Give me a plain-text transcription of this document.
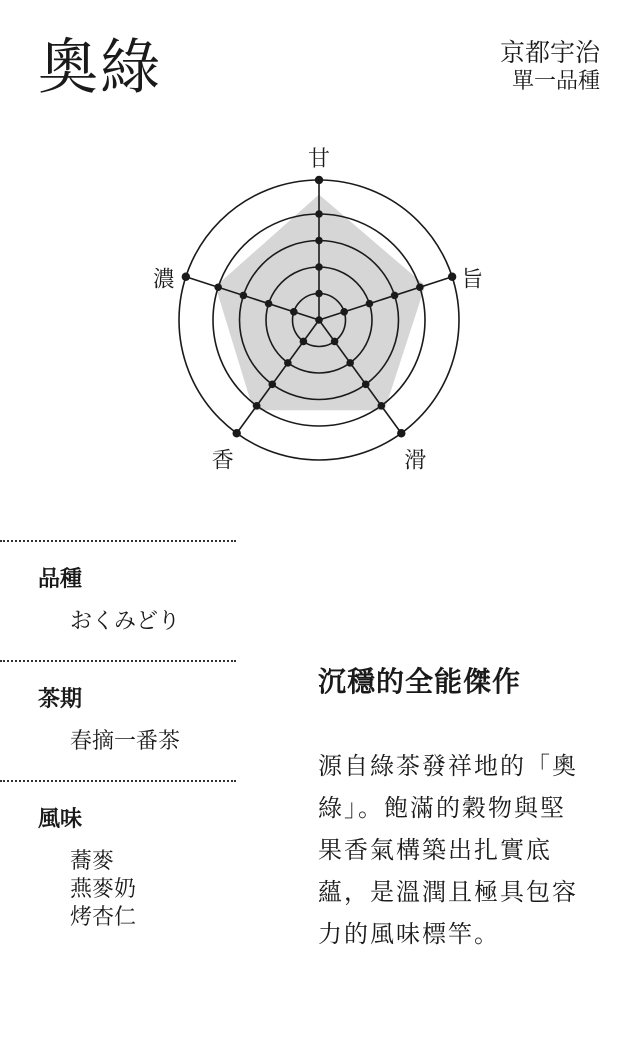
奧綠	京都宇治
單一品種
甘
旨
滑
香
濃
品種
おくみどり
茶期
春摘一番茶
風味
蕎麥
燕麥奶
烤杏仁
沉穩的全能傑作
源自綠茶發祥地的「奧
綠」。飽滿的穀物與堅
果香氣構築出扎實底
蘊，是溫潤且極具包容
力的風味標竿。
